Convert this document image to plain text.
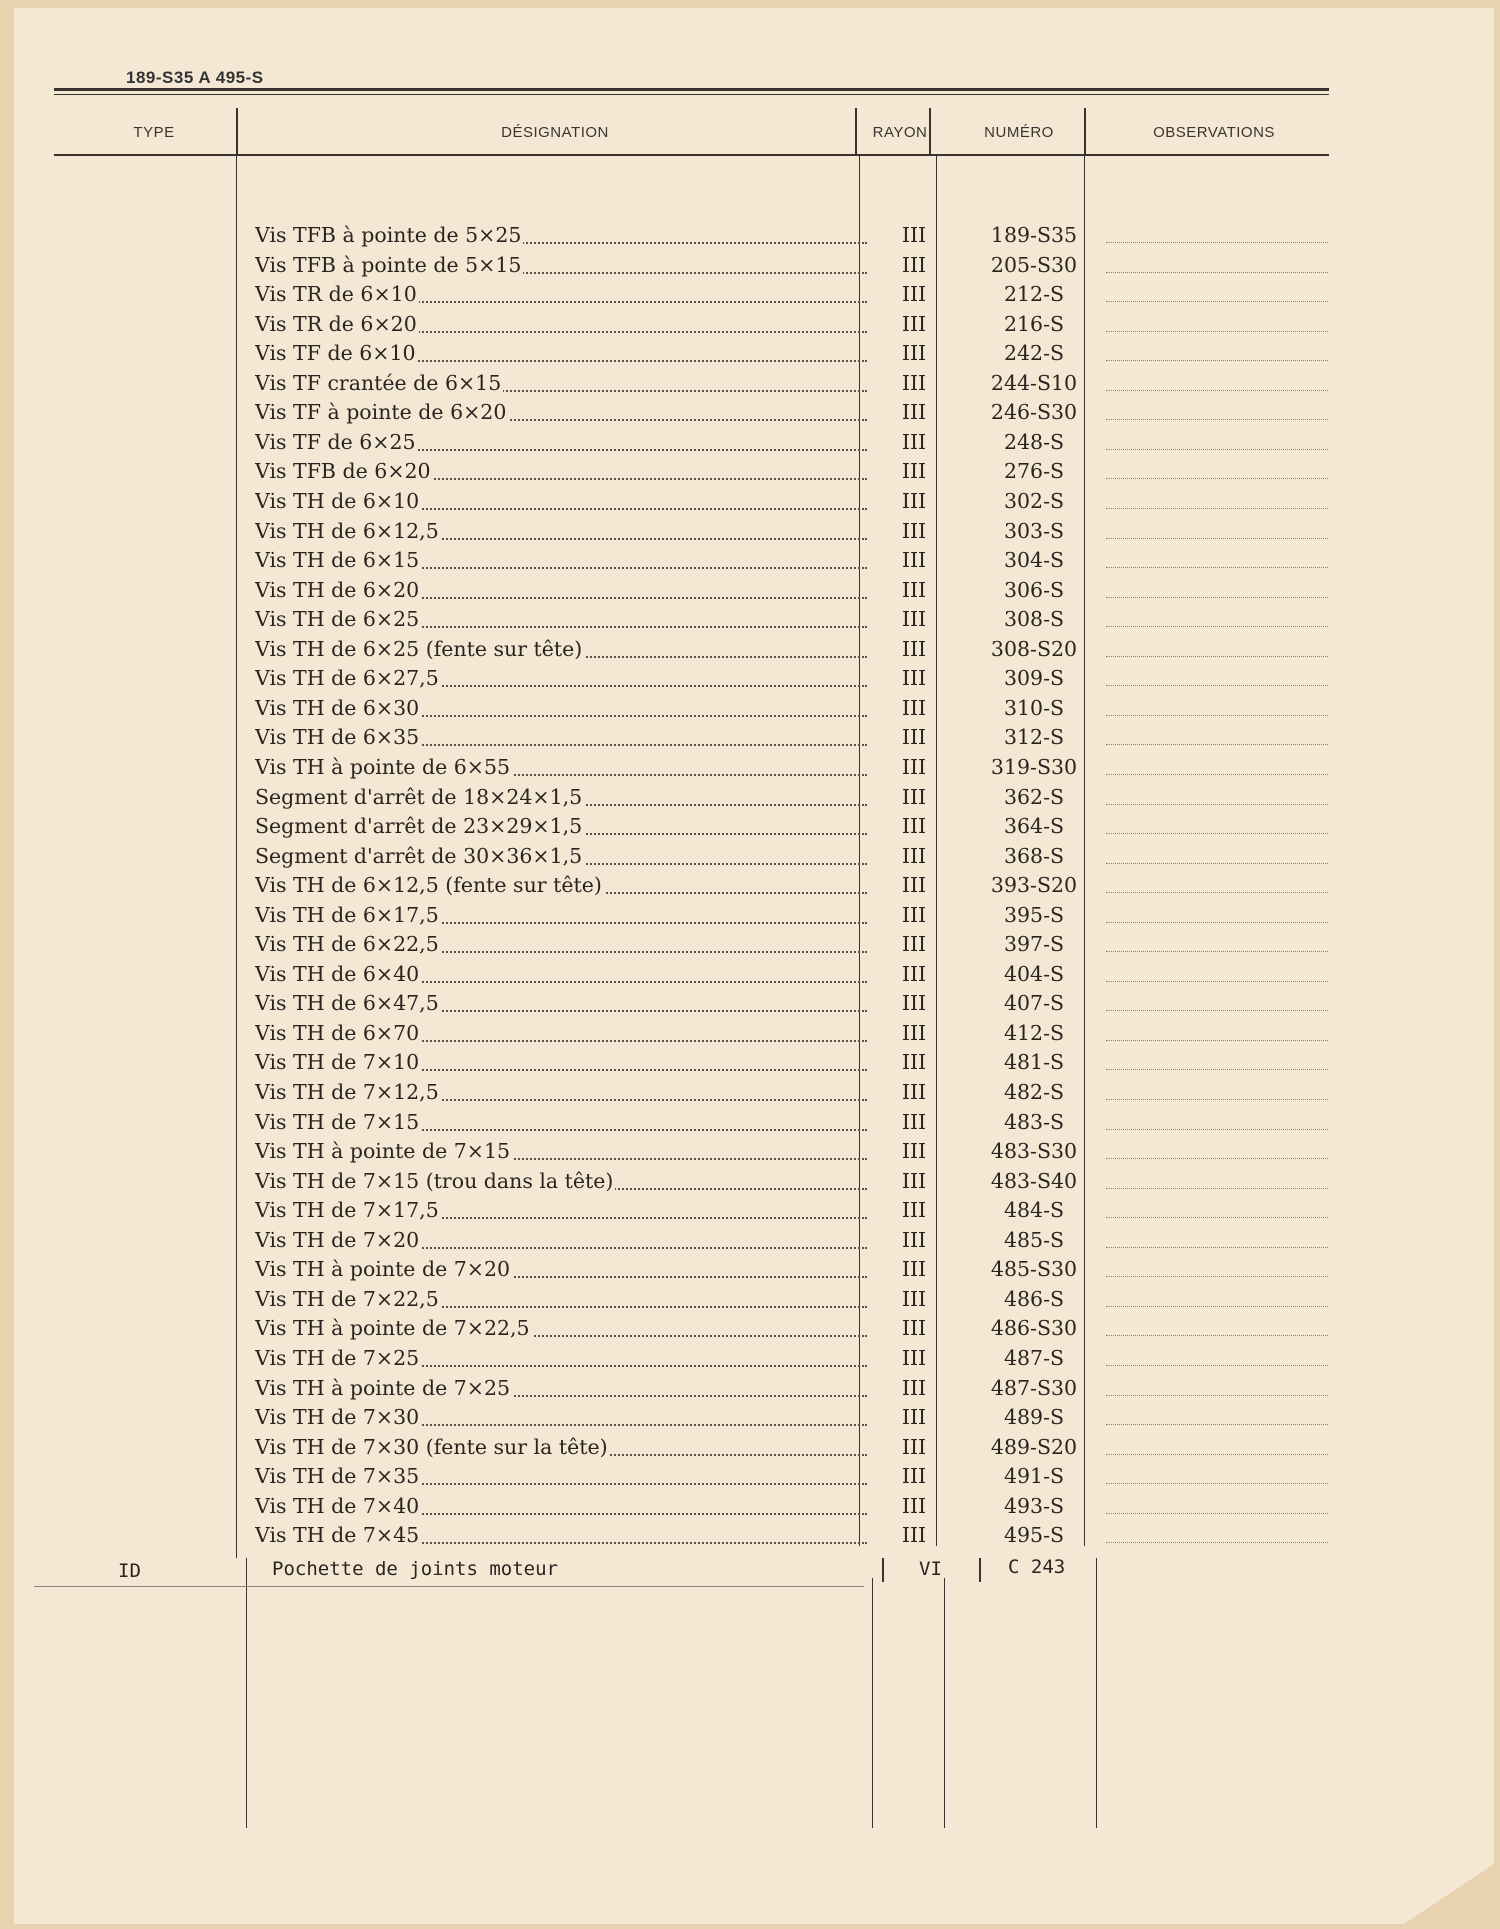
189-S35 A 495-S
TYPE	DÉSIGNATION	RAYON	NUMÉRO	OBSERVATIONS
Vis TFB à pointe de 5×25	III	189-S35
Vis TFB à pointe de 5×15	III	205-S30
Vis TR de 6×10	III	212-S
Vis TR de 6×20	III	216-S
Vis TF de 6×10	III	242-S
Vis TF crantée de 6×15	III	244-S10
Vis TF à pointe de 6×20	III	246-S30
Vis TF de 6×25	III	248-S
Vis TFB de 6×20	III	276-S
Vis TH de 6×10	III	302-S
Vis TH de 6×12,5	III	303-S
Vis TH de 6×15	III	304-S
Vis TH de 6×20	III	306-S
Vis TH de 6×25	III	308-S
Vis TH de 6×25 (fente sur tête)	III	308-S20
Vis TH de 6×27,5	III	309-S
Vis TH de 6×30	III	310-S
Vis TH de 6×35	III	312-S
Vis TH à pointe de 6×55	III	319-S30
Segment d'arrêt de 18×24×1,5	III	362-S
Segment d'arrêt de 23×29×1,5	III	364-S
Segment d'arrêt de 30×36×1,5	III	368-S
Vis TH de 6×12,5 (fente sur tête)	III	393-S20
Vis TH de 6×17,5	III	395-S
Vis TH de 6×22,5	III	397-S
Vis TH de 6×40	III	404-S
Vis TH de 6×47,5	III	407-S
Vis TH de 6×70	III	412-S
Vis TH de 7×10	III	481-S
Vis TH de 7×12,5	III	482-S
Vis TH de 7×15	III	483-S
Vis TH à pointe de 7×15	III	483-S30
Vis TH de 7×15 (trou dans la tête)	III	483-S40
Vis TH de 7×17,5	III	484-S
Vis TH de 7×20	III	485-S
Vis TH à pointe de 7×20	III	485-S30
Vis TH de 7×22,5	III	486-S
Vis TH à pointe de 7×22,5	III	486-S30
Vis TH de 7×25	III	487-S
Vis TH à pointe de 7×25	III	487-S30
Vis TH de 7×30	III	489-S
Vis TH de 7×30 (fente sur la tête)	III	489-S20
Vis TH de 7×35	III	491-S
Vis TH de 7×40	III	493-S
Vis TH de 7×45	III	495-S
ID	Pochette de joints moteur	VI	C 243
